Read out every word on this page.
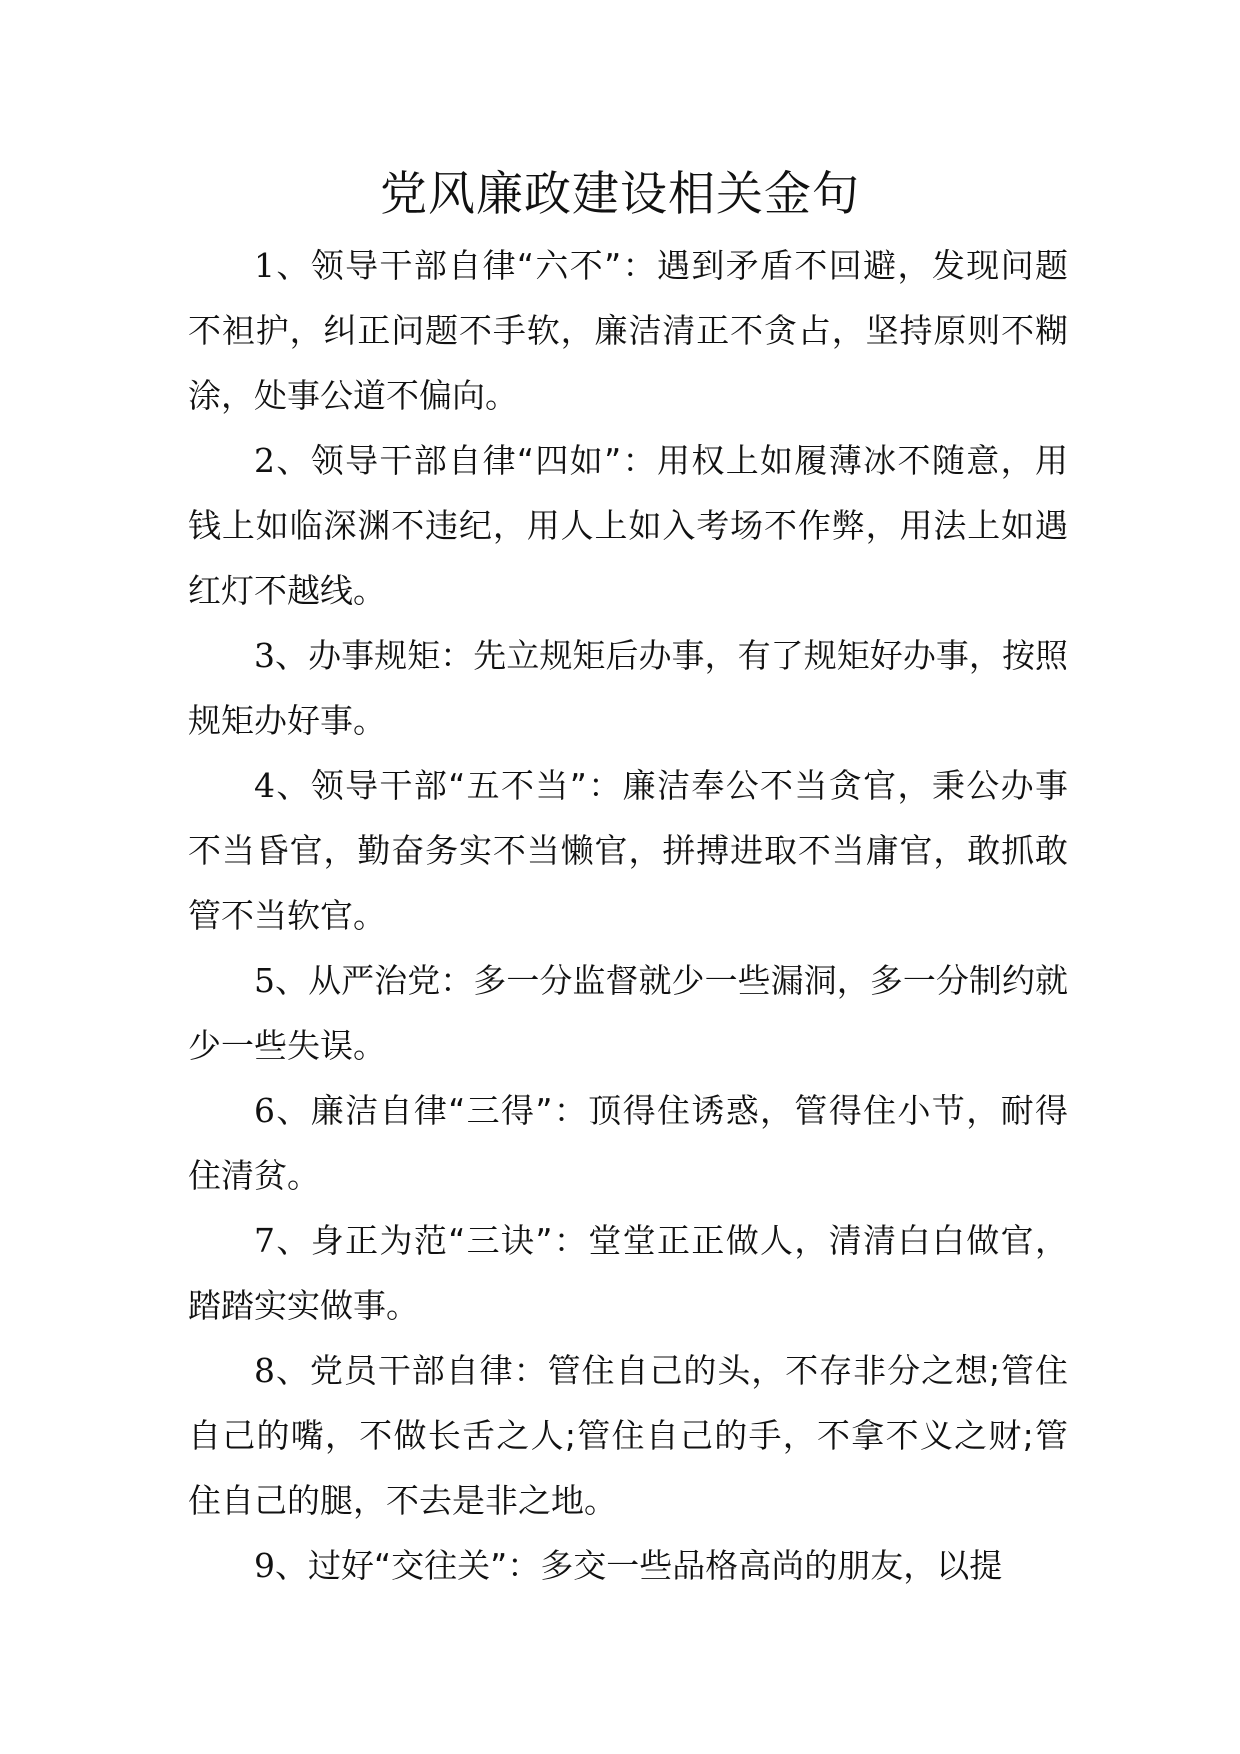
党风廉政建设相关金句

1、领导干部自律“六不”：遇到矛盾不回避，发现问题不袒护，纠正问题不手软，廉洁清正不贪占，坚持原则不糊涂，处事公道不偏向。

2、领导干部自律“四如”：用权上如履薄冰不随意，用钱上如临深渊不违纪，用人上如入考场不作弊，用法上如遇红灯不越线。

3、办事规矩：先立规矩后办事，有了规矩好办事，按照规矩办好事。

4、领导干部“五不当”：廉洁奉公不当贪官，秉公办事不当昏官，勤奋务实不当懒官，拼搏进取不当庸官，敢抓敢管不当软官。

5、从严治党：多一分监督就少一些漏洞，多一分制约就少一些失误。

6、廉洁自律“三得”：顶得住诱惑，管得住小节，耐得住清贫。

7、身正为范“三诀”：堂堂正正做人，清清白白做官，踏踏实实做事。

8、党员干部自律：管住自己的头，不存非分之想;管住自己的嘴，不做长舌之人;管住自己的手，不拿不义之财;管住自己的腿，不去是非之地。

9、过好“交往关”：多交一些品格高尚的朋友，以提
